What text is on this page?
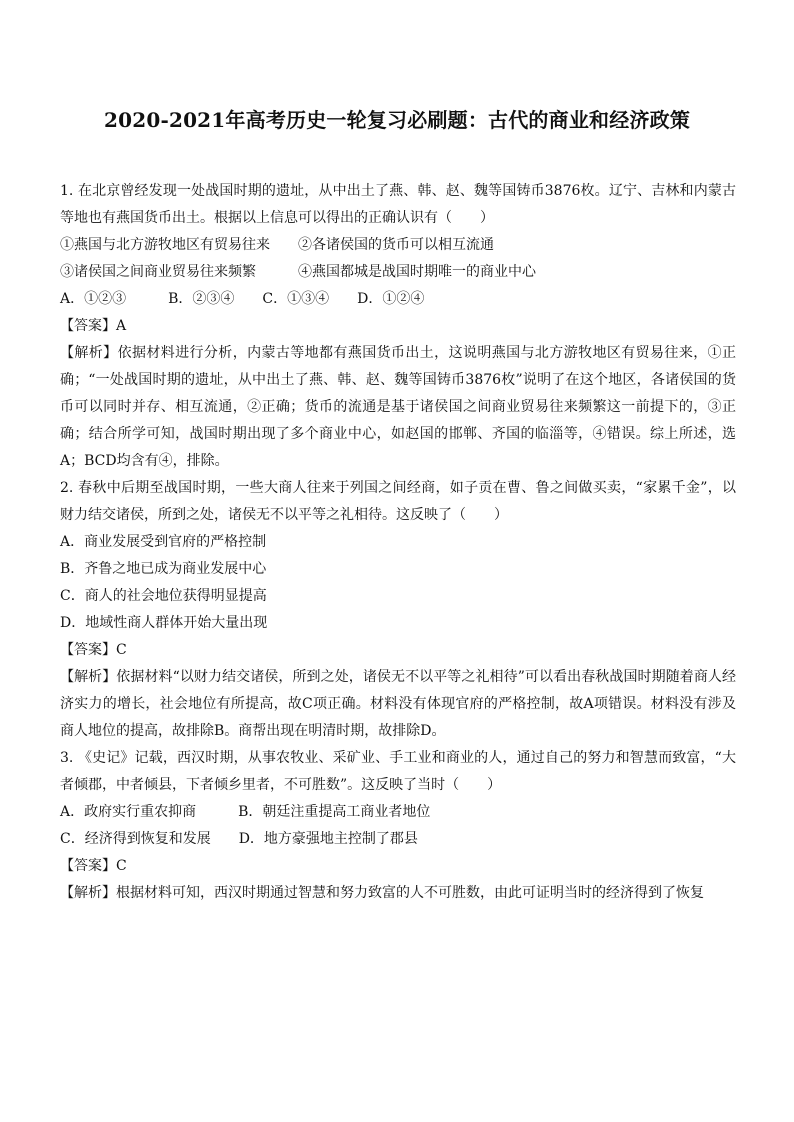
2020-2021年高考历史一轮复习必刷题：古代的商业和经济政策

1. 在北京曾经发现一处战国时期的遗址，从中出土了燕、韩、赵、魏等国铸币3876枚。辽宁、吉林和内蒙古等地也有燕国货币出土。根据以上信息可以得出的正确认识有（　　）

①燕国与北方游牧地区有贸易往来　　②各诸侯国的货币可以相互流通

③诸侯国之间商业贸易往来频繁　　　④燕国都城是战国时期唯一的商业中心

A．①②③　　　B．②③④　　C．①③④　　D．①②④

【答案】A

【解析】依据材料进行分析，内蒙古等地都有燕国货币出土，这说明燕国与北方游牧地区有贸易往来，①正确；“一处战国时期的遗址，从中出土了燕、韩、赵、魏等国铸币3876枚”说明了在这个地区，各诸侯国的货币可以同时并存、相互流通，②正确；货币的流通是基于诸侯国之间商业贸易往来频繁这一前提下的，③正确；结合所学可知，战国时期出现了多个商业中心，如赵国的邯郸、齐国的临淄等，④错误。综上所述，选A；BCD均含有④，排除。

2. 春秋中后期至战国时期，一些大商人往来于列国之间经商，如子贡在曹、鲁之间做买卖，“家累千金”，以财力结交诸侯，所到之处，诸侯无不以平等之礼相待。这反映了（　　）

A．商业发展受到官府的严格控制

B．齐鲁之地已成为商业发展中心

C．商人的社会地位获得明显提高

D．地域性商人群体开始大量出现

【答案】C

【解析】依据材料“以财力结交诸侯，所到之处，诸侯无不以平等之礼相待”可以看出春秋战国时期随着商人经济实力的增长，社会地位有所提高，故C项正确。材料没有体现官府的严格控制，故A项错误。材料没有涉及商人地位的提高，故排除B。商帮出现在明清时期，故排除D。

3. 《史记》记载，西汉时期，从事农牧业、采矿业、手工业和商业的人，通过自己的努力和智慧而致富，“大者倾郡，中者倾县，下者倾乡里者，不可胜数”。这反映了当时（　　）

A．政府实行重农抑商　　　B．朝廷注重提高工商业者地位

C．经济得到恢复和发展　　D．地方豪强地主控制了郡县

【答案】C

【解析】根据材料可知，西汉时期通过智慧和努力致富的人不可胜数，由此可证明当时的经济得到了恢复
